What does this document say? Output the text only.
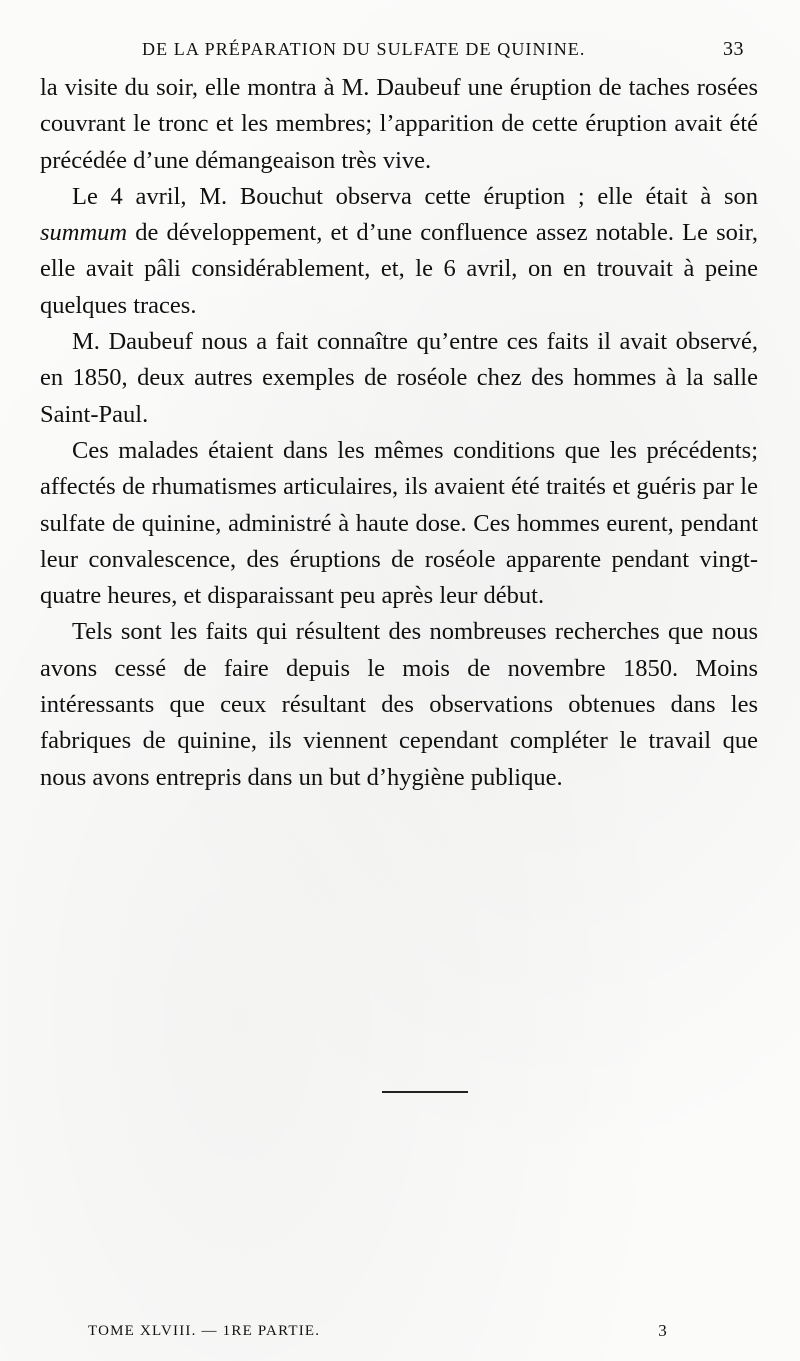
DE LA PRÉPARATION DU SULFATE DE QUININE.	33

la visite du soir, elle montra à M. Daubeuf une éruption de taches rosées couvrant le tronc et les membres; l’apparition de cette éruption avait été précédée d’une démangeaison très vive.

Le 4 avril, M. Bouchut observa cette éruption ; elle était à son summum de développement, et d’une confluence assez notable. Le soir, elle avait pâli considérablement, et, le 6 avril, on en trouvait à peine quelques traces.

M. Daubeuf nous a fait connaître qu’entre ces faits il avait observé, en 1850, deux autres exemples de roséole chez des hommes à la salle Saint-Paul.

Ces malades étaient dans les mêmes conditions que les précédents; affectés de rhumatismes articulaires, ils avaient été traités et guéris par le sulfate de quinine, administré à haute dose. Ces hommes eurent, pendant leur convalescence, des éruptions de roséole apparente pendant vingt-quatre heures, et disparaissant peu après leur début.

Tels sont les faits qui résultent des nombreuses recherches que nous avons cessé de faire depuis le mois de novembre 1850. Moins intéressants que ceux résultant des observations obtenues dans les fabriques de quinine, ils viennent cependant compléter le travail que nous avons entrepris dans un but d’hygiène publique.

TOME XLVIII. — 1RE PARTIE.	3
